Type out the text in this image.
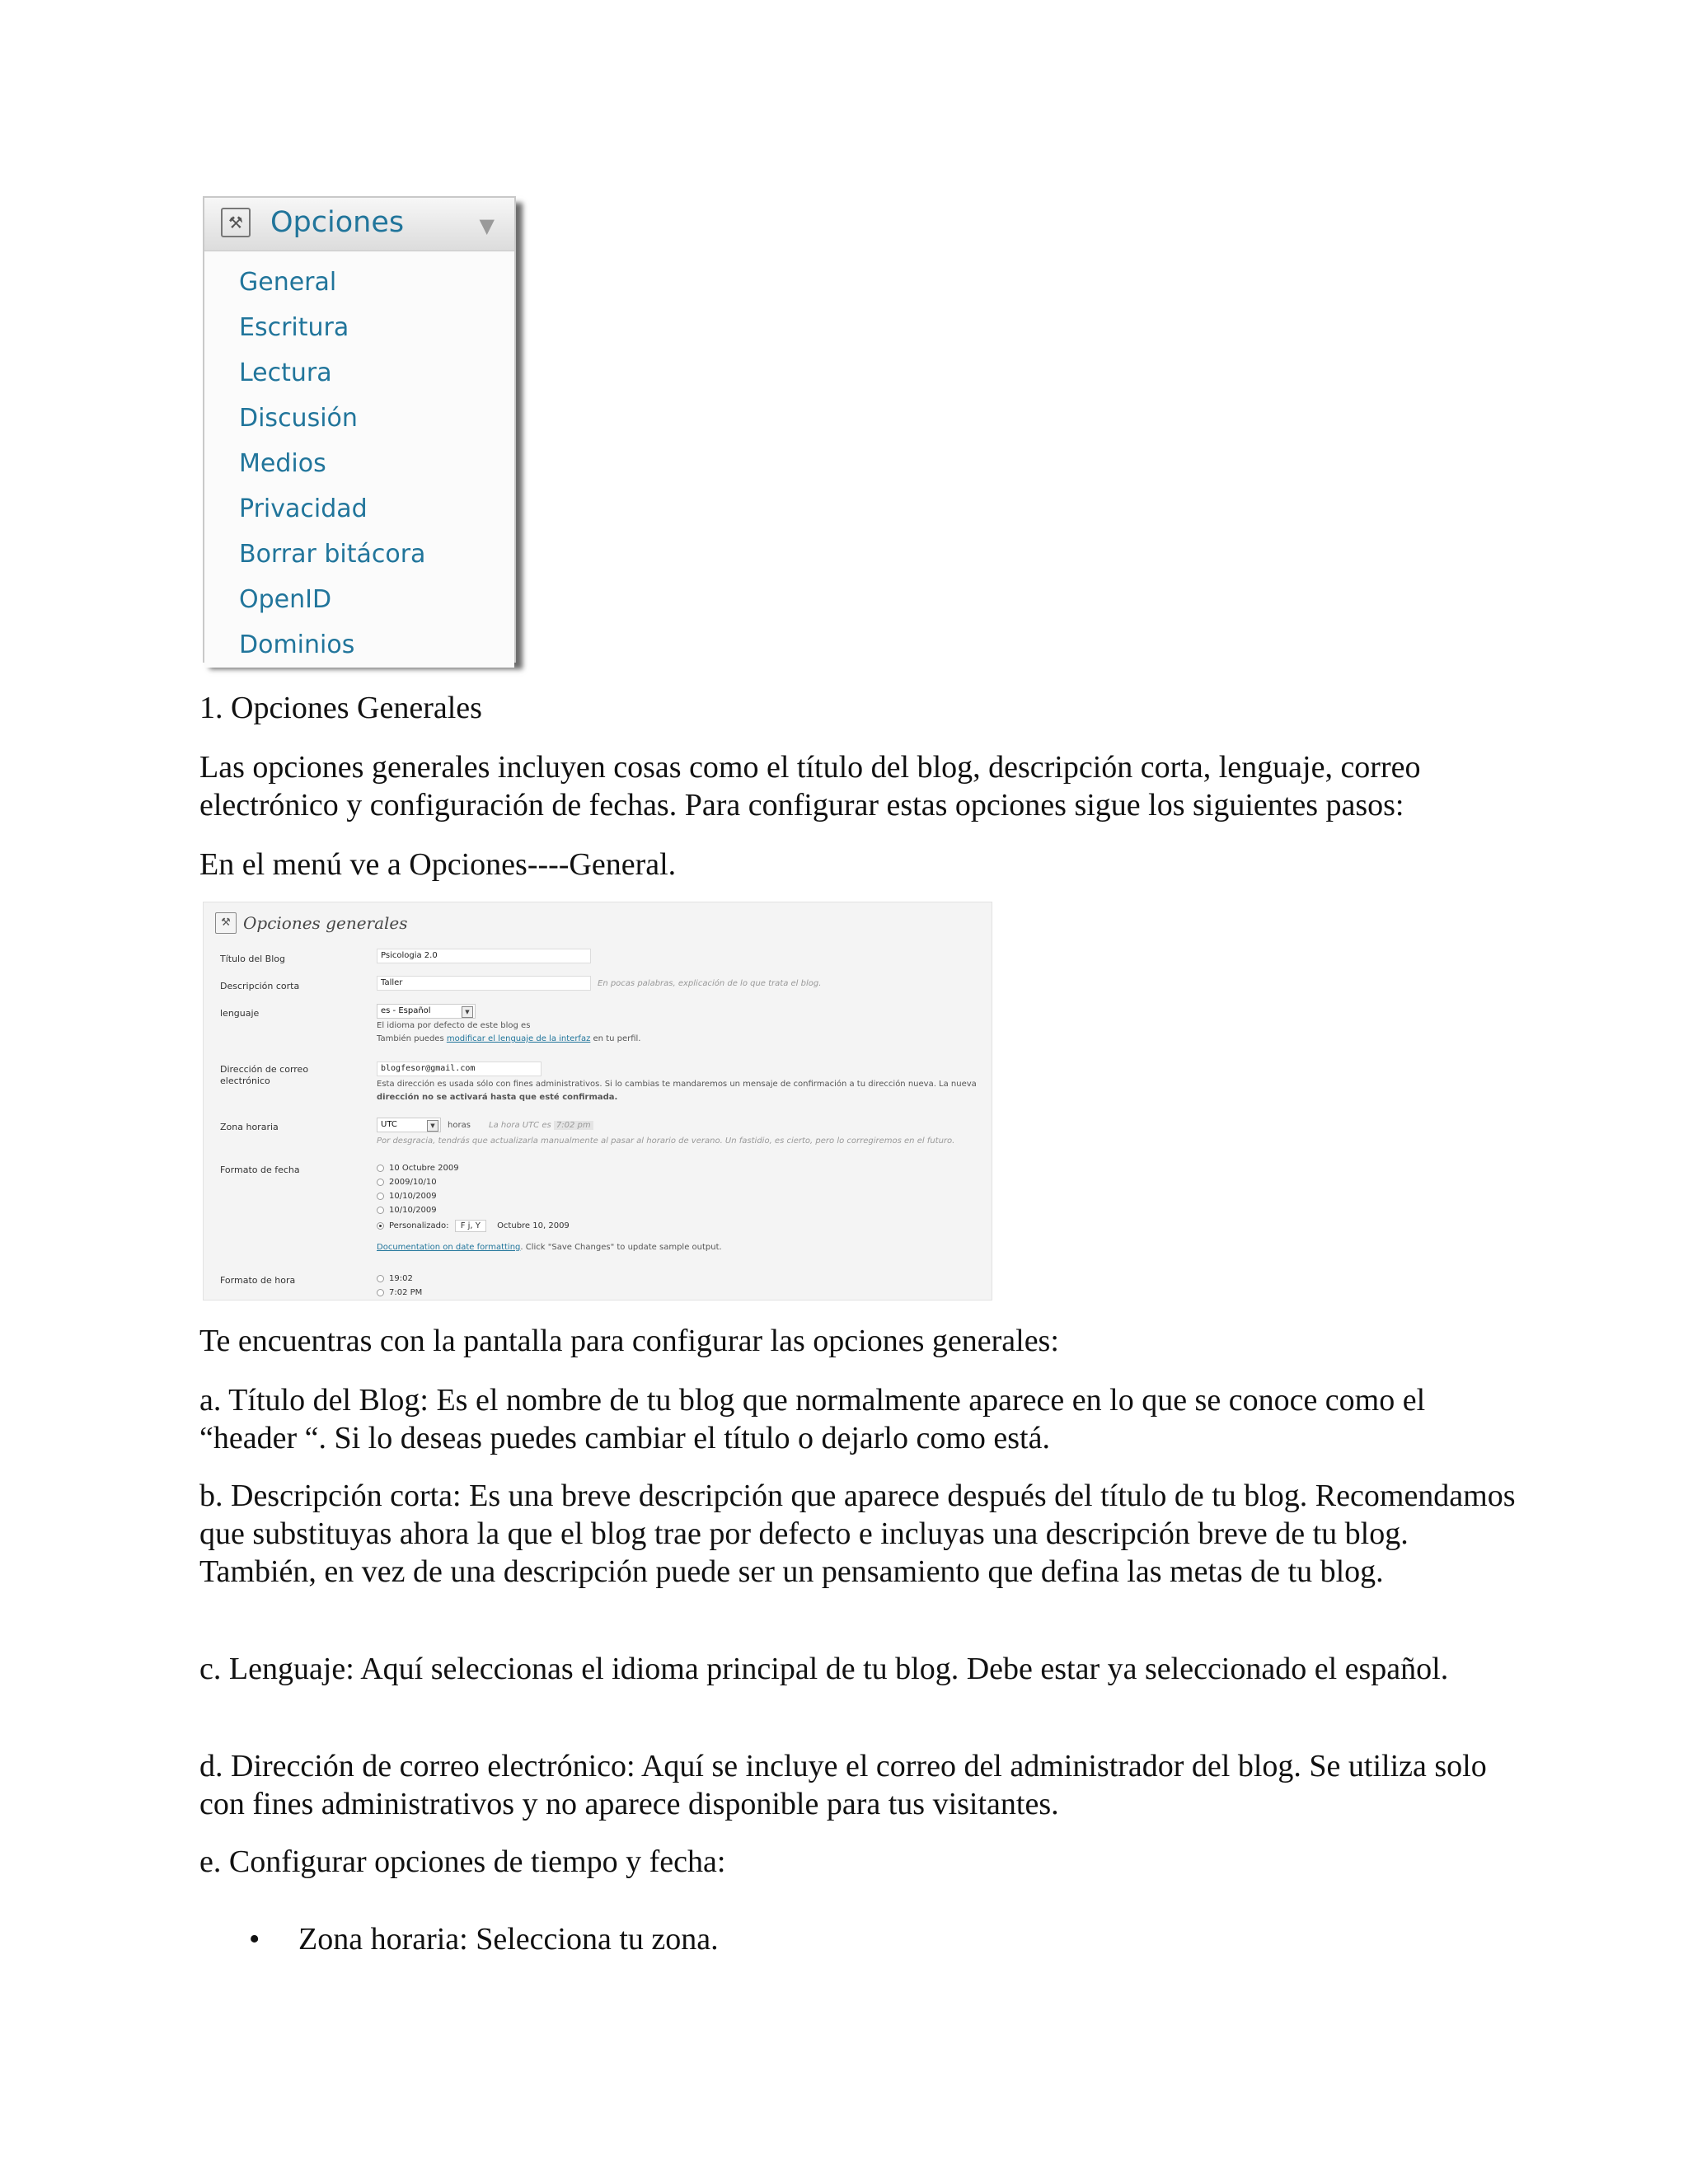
⚒ Opciones	▼
General
Escritura
Lectura
Discusión
Medios
Privacidad
Borrar bitácora
OpenID
Dominios
1. Opciones Generales
Las opciones generales incluyen cosas como el título del blog, descripción corta, lenguaje, correo electrónico y configuración de fechas. Para configurar estas opciones sigue los siguientes pasos:
En el menú ve a Opciones----General.
⚒ Opciones generales
Título del Blog	Psicologia 2.0
Descripción corta	Taller	En pocas palabras, explicación de lo que trata el blog.
lenguaje	es - Español	▼
El idioma por defecto de este blog es
También puedes modificar el lenguaje de la interfaz en tu perfil.
Dirección de correo
electrónico
blogfesor@gmail.com
Esta dirección es usada sólo con fines administrativos. Si lo cambias te mandaremos un mensaje de confirmación a tu dirección nueva. La nueva
dirección no se activará hasta que esté confirmada.
Zona horaria	UTC	▼	horas La hora UTC es 7:02 pm
Por desgracia, tendrás que actualizarla manualmente al pasar al horario de verano. Un fastidio, es cierto, pero lo corregiremos en el futuro.
Formato de fecha	10 Octubre 2009
2009/10/10
10/10/2009
10/10/2009
Personalizado: F j, Y Octubre 10, 2009
Documentation on date formatting. Click "Save Changes" to update sample output.
Formato de hora	19:02
7:02 PM
Te encuentras con la pantalla para configurar las opciones generales:
a. Título del Blog: Es el nombre de tu blog que normalmente aparece en lo que se conoce como el “header “. Si lo deseas puedes cambiar el título o dejarlo como está.
b. Descripción corta: Es una breve descripción que aparece después del título de tu blog. Recomendamos que substituyas ahora la que el blog trae por defecto e incluyas una descripción breve de tu blog. También, en vez de una descripción puede ser un pensamiento que defina las metas de tu blog.
c. Lenguaje: Aquí seleccionas el idioma principal de tu blog. Debe estar ya seleccionado el español.
d. Dirección de correo electrónico: Aquí se incluye el correo del administrador del blog. Se utiliza solo con fines administrativos y no aparece disponible para tus visitantes.
e. Configurar opciones de tiempo y fecha:
• Zona horaria: Selecciona tu zona.
